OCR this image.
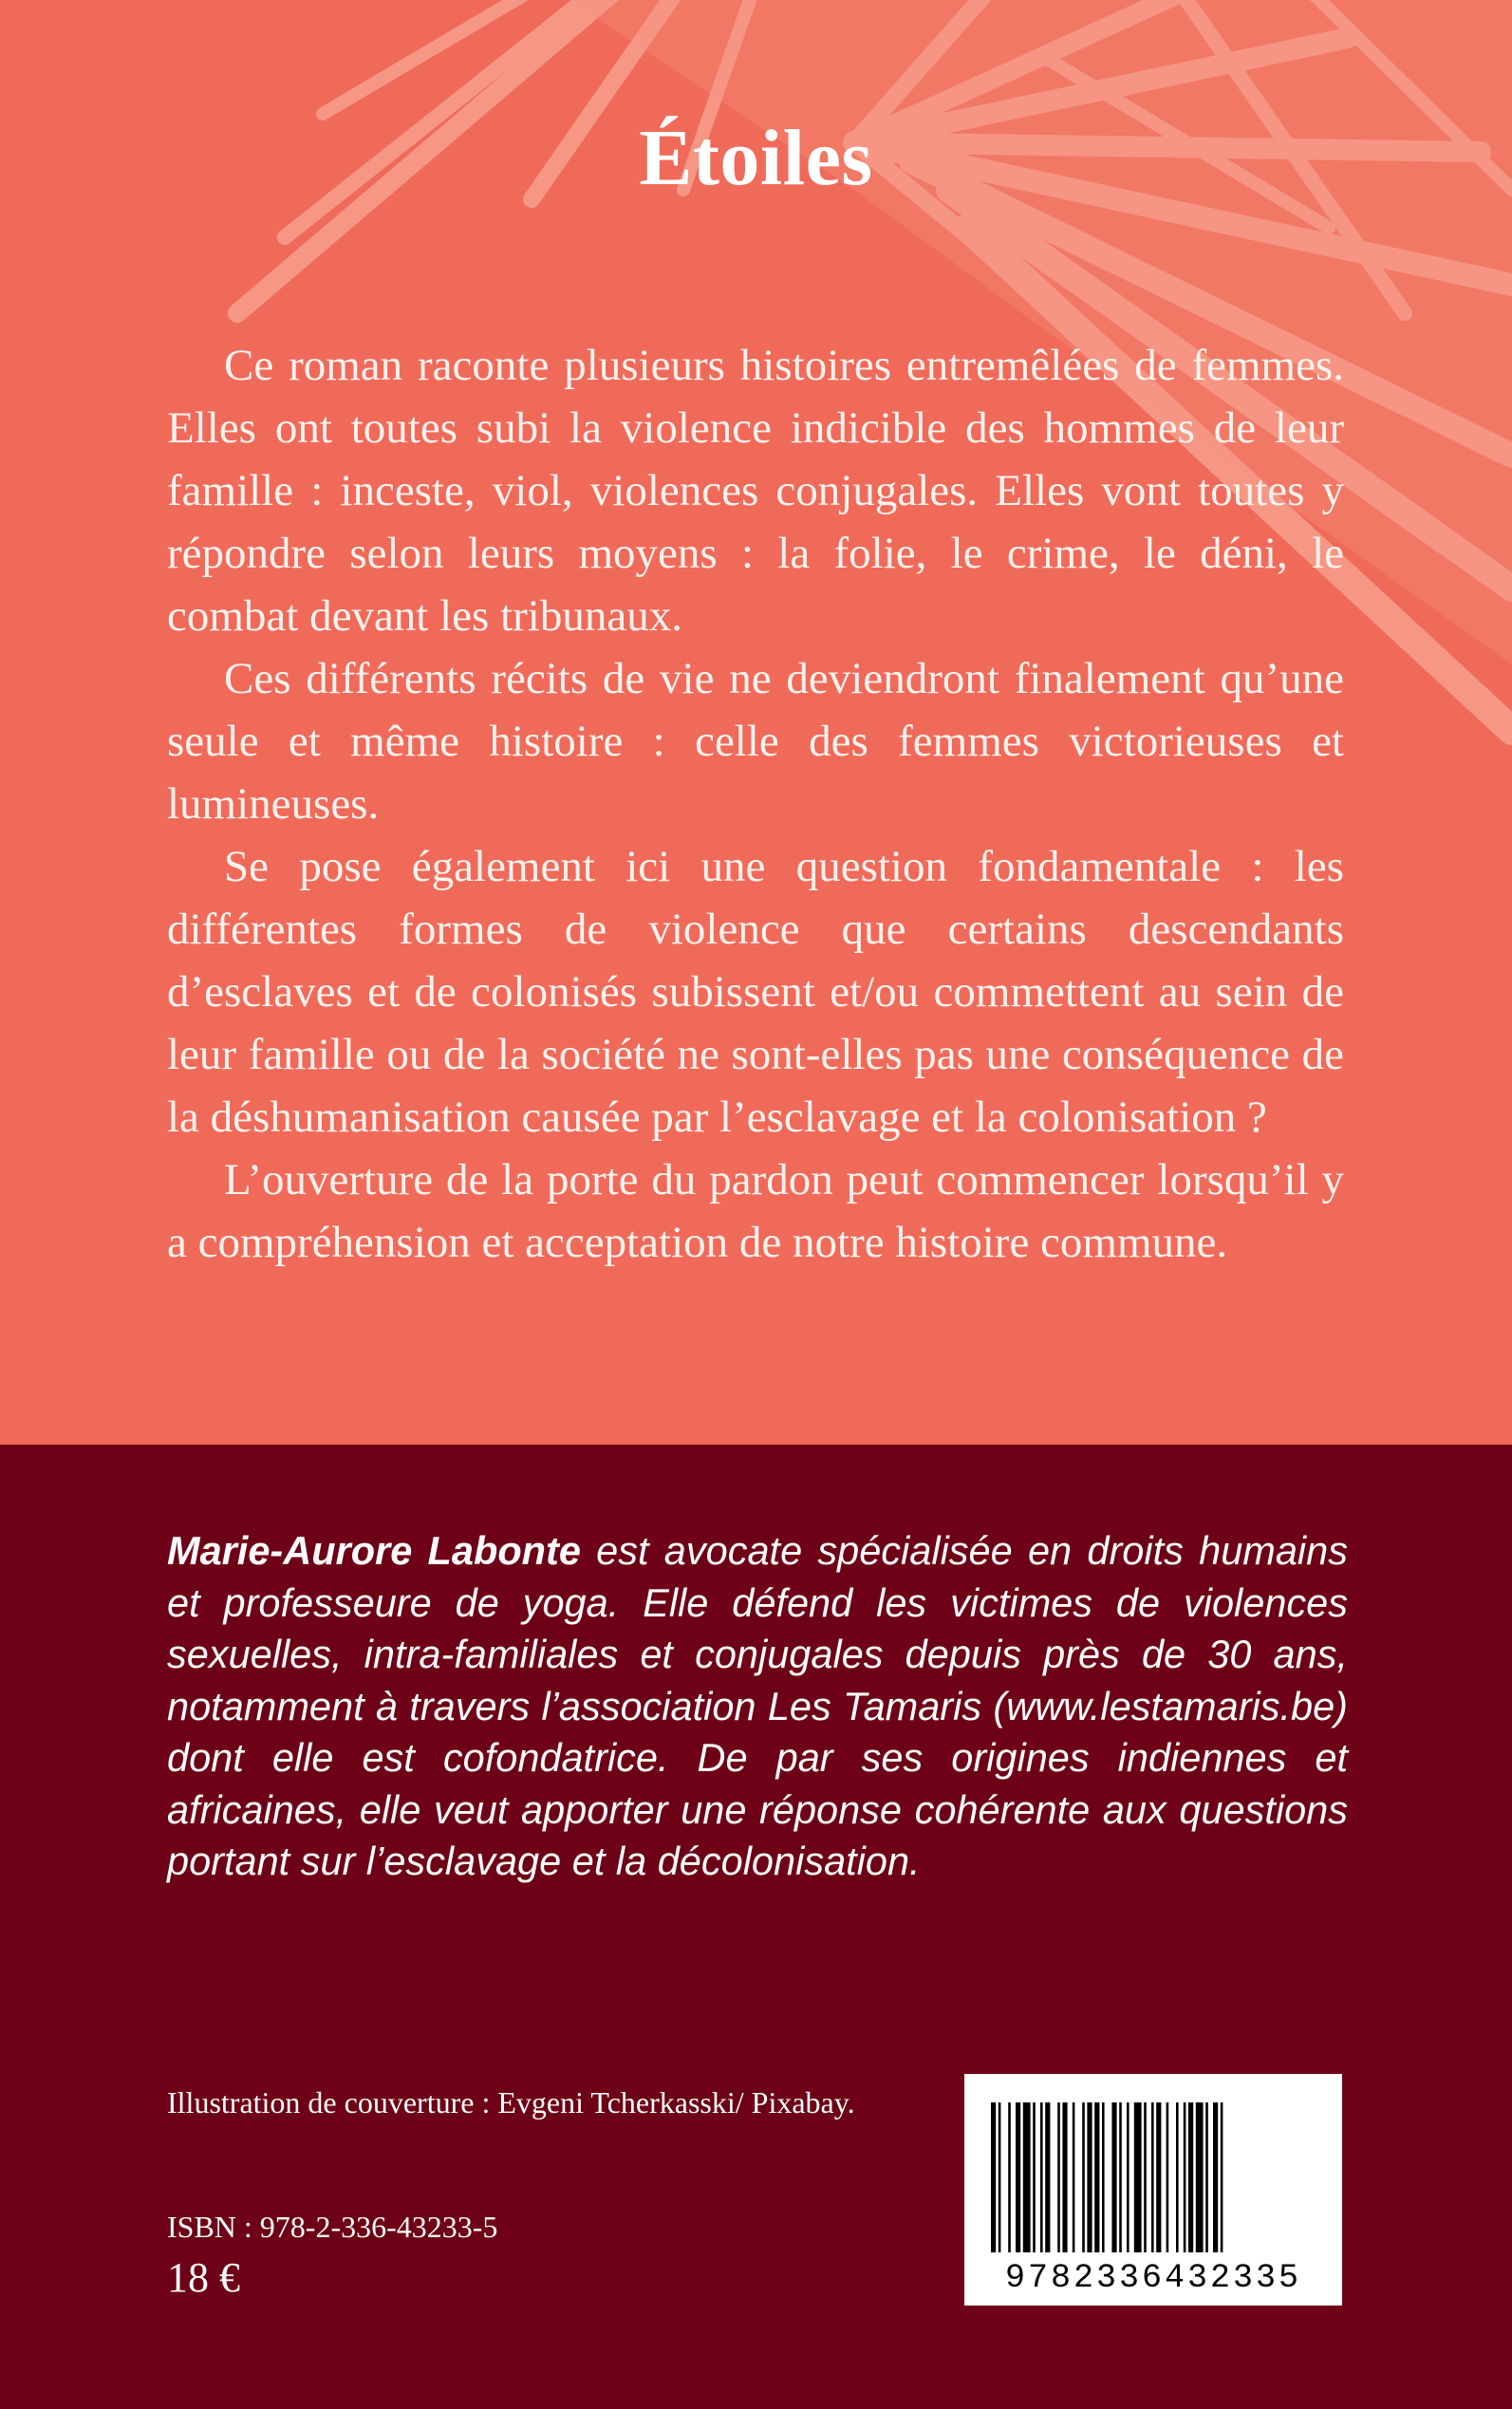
Étoiles

Ce roman raconte plusieurs histoires entremêlées de femmes. Elles ont toutes subi la violence indicible des hommes de leur famille : inceste, viol, violences conjugales. Elles vont toutes y répondre selon leurs moyens : la folie, le crime, le déni, le combat devant les tribunaux.

Ces différents récits de vie ne deviendront finalement qu’une seule et même histoire : celle des femmes victorieuses et lumineuses.

Se pose également ici une question fondamentale : les différentes formes de violence que certains descendants d’esclaves et de colonisés subissent et/ou commettent au sein de leur famille ou de la société ne sont-elles pas une conséquence de la déshumanisation causée par l’esclavage et la colonisation ?

L’ouverture de la porte du pardon peut commencer lorsqu’il y a compréhension et acceptation de notre histoire commune.

Marie-Aurore Labonte est avocate spécialisée en droits humains et professeure de yoga. Elle défend les victimes de violences sexuelles, intra-familiales et conjugales depuis près de 30 ans, notamment à travers l’association Les Tamaris (www.lestamaris.be) dont elle est cofondatrice. De par ses origines indiennes et africaines, elle veut apporter une réponse cohérente aux questions portant sur l’esclavage et la décolonisation.

Illustration de couverture : Evgeni Tcherkasski/ Pixabay.

ISBN : 978-2-336-43233-5

18 €	9782336432335
